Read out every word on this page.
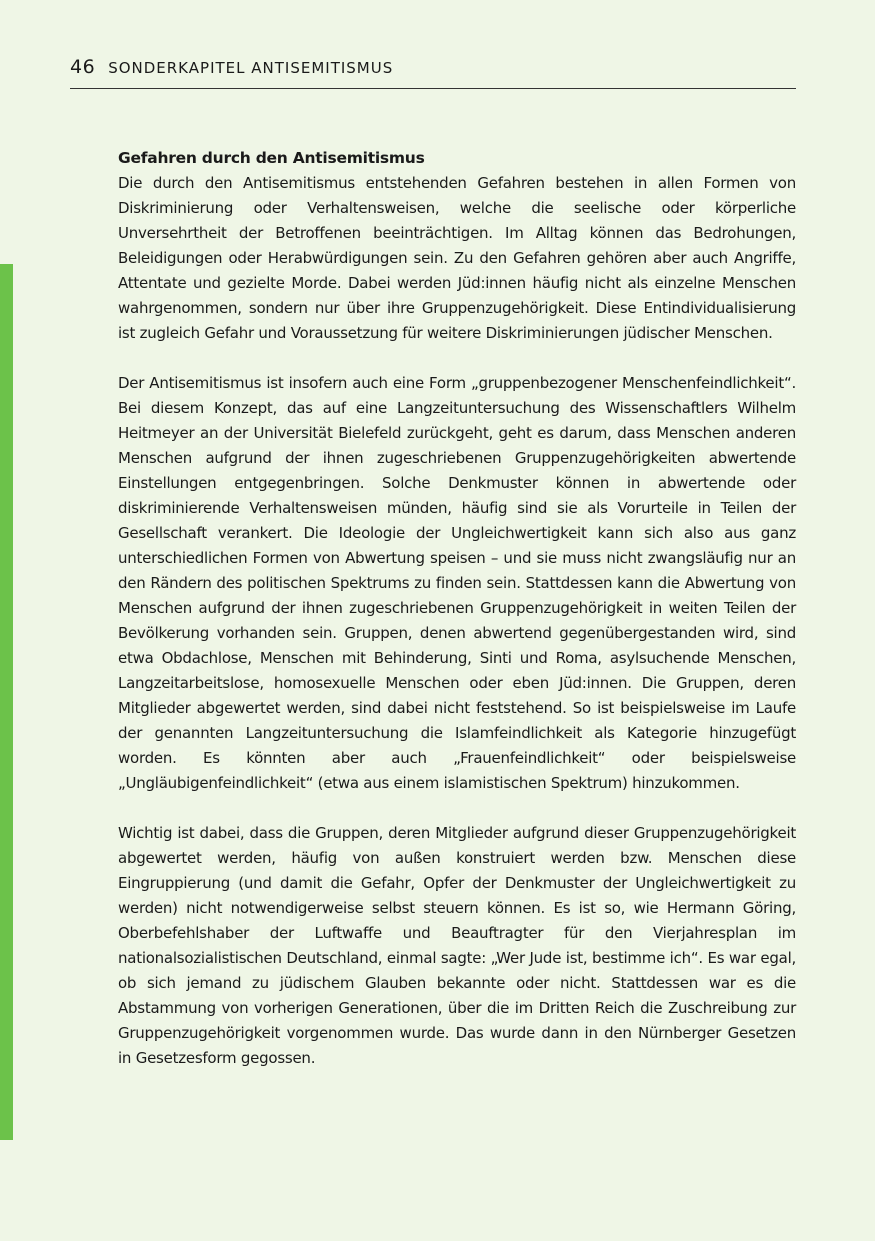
46 SONDERKAPITEL ANTISEMITISMUS
Gefahren durch den Antisemitismus

Die durch den Antisemitismus entstehenden Gefahren bestehen in allen Formen von Diskriminierung oder Verhaltensweisen, welche die seelische oder körperliche Unversehrtheit der Betroffenen beeinträchtigen. Im Alltag können das Bedrohungen, Beleidigungen oder Herabwürdigungen sein. Zu den Gefahren gehören aber auch Angriffe, Attentate und gezielte Morde. Dabei werden Jüd:innen häufig nicht als einzelne Menschen wahrgenommen, sondern nur über ihre Gruppenzugehörigkeit. Diese Entindividualisierung ist zugleich Gefahr und Voraussetzung für weitere Diskriminierungen jüdischer Menschen.

Der Antisemitismus ist insofern auch eine Form „gruppenbezogener Menschenfeindlichkeit“. Bei diesem Konzept, das auf eine Langzeituntersuchung des Wissenschaftlers Wilhelm Heitmeyer an der Universität Bielefeld zurückgeht, geht es darum, dass Menschen anderen Menschen aufgrund der ihnen zugeschriebenen Gruppenzugehörigkeiten abwertende Einstellungen entgegenbringen. Solche Denkmuster können in abwertende oder diskriminierende Verhaltensweisen münden, häufig sind sie als Vorurteile in Teilen der Gesellschaft verankert. Die Ideologie der Ungleichwertigkeit kann sich also aus ganz unterschiedlichen Formen von Abwertung speisen – und sie muss nicht zwangsläufig nur an den Rändern des politischen Spektrums zu finden sein. Stattdessen kann die Abwertung von Menschen aufgrund der ihnen zugeschriebenen Gruppenzugehörigkeit in weiten Teilen der Bevölkerung vorhanden sein. Gruppen, denen abwertend gegenübergestanden wird, sind etwa Obdachlose, Menschen mit Behinderung, Sinti und Roma, asylsuchende Menschen, Langzeitarbeitslose, homosexuelle Menschen oder eben Jüd:innen. Die Gruppen, deren Mitglieder abgewertet werden, sind dabei nicht feststehend. So ist beispielsweise im Laufe der genannten Langzeituntersuchung die Islamfeindlichkeit als Kategorie hinzugefügt worden. Es könnten aber auch „Frauenfeindlichkeit“ oder beispielsweise „Ungläubigenfeindlichkeit“ (etwa aus einem islamistischen Spektrum) hinzukommen.

Wichtig ist dabei, dass die Gruppen, deren Mitglieder aufgrund dieser Gruppenzugehörigkeit abgewertet werden, häufig von außen konstruiert werden bzw. Menschen diese Eingruppierung (und damit die Gefahr, Opfer der Denkmuster der Ungleichwertigkeit zu werden) nicht notwendigerweise selbst steuern können. Es ist so, wie Hermann Göring, Oberbefehlshaber der Luftwaffe und Beauftragter für den Vierjahresplan im nationalsozialistischen Deutschland, einmal sagte: „Wer Jude ist, bestimme ich“. Es war egal, ob sich jemand zu jüdischem Glauben bekannte oder nicht. Stattdessen war es die Abstammung von vorherigen Generationen, über die im Dritten Reich die Zuschreibung zur Gruppenzugehörigkeit vorgenommen wurde. Das wurde dann in den Nürnberger Gesetzen in Gesetzesform gegossen.
